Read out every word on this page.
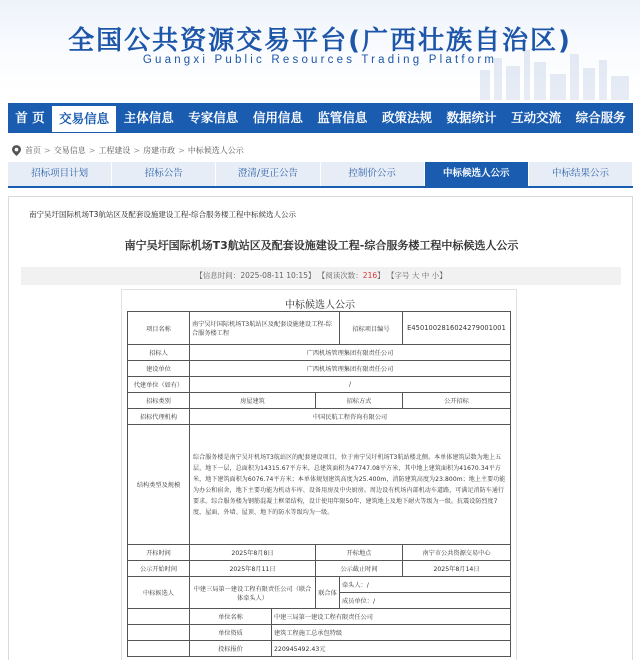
全国公共资源交易平台(广西壮族自治区)
Guangxi Public Resources Trading Platform
首 页	交易信息	主体信息	专家信息	信用信息	监管信息	政策法规	数据统计	互动交流	综合服务
首页 > 交易信息 > 工程建设 > 房建市政 > 中标候选人公示
招标项目计划	招标公告	澄清/更正公告	控制价公示	中标候选人公示	中标结果公示
南宁吴圩国际机场T3航站区及配套设施建设工程-综合服务楼工程中标候选人公示
南宁吴圩国际机场T3航站区及配套设施建设工程-综合服务楼工程中标候选人公示
【信息时间：2025-08-11 10:15】 【阅读次数：216】 【字号 大 中 小】
中标候选人公示
项目名称	南宁吴圩国际机场T3航站区及配套设施建设工程-综合服务楼工程			招标项目编号	E4501002816024279001001
招标人	广西机场管理集团有限责任公司				
建设单位	广西机场管理集团有限责任公司				
代建单位（如有）	/				
招标类别	房屋建筑		招标方式		公开招标
招标代理机构	中国民航工程咨询有限公司				
结构类型及规模	综合服务楼是南宁吴圩机场T3航站区的配套建设项目，位于南宁吴圩机场T3航站楼北侧。本单体建筑层数为地上五层，地下一层，总面积为14315.67平方米，总建筑面积为47747.08平方米，其中地上建筑面积为41670.34平方米，地下建筑面积为6076.74平方米；本单体规划建筑高度为25.400m，消防建筑高度为23.800m；地上主要功能为办公和宿舍，地下主要功能为机动车库、设备用房及中央厨房。周边设有机场内部机动车道路，可满足消防车通行要求。综合服务楼为钢筋混凝土框架结构，设计使用年限50年，建筑地上及地下耐火等级为一级。抗震设防烈度7度，屋面、外墙、屋顶、地下的防水等级均为一级。				
开标时间	2025年8月8日		开标地点		南宁市公共资源交易中心
公示开始时间	2025年8月11日		公示截止时间		2025年8月14日
中标候选人	中建三局第一建设工程有限责任公司（联合体牵头人）		联合体	牵头人：/	
				成员单位：/	
	单位名称	中建三局第一建设工程有限责任公司			
	单位资质	建筑工程施工总承包特级			
	投标报价	220945492.43元			
